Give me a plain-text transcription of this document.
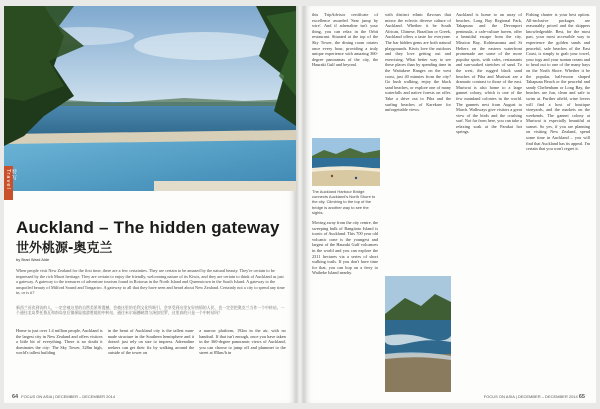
特写 Travel
Auckland – The hidden gateway
世外桃源-奥克兰
by Brad Ward Alde
When people visit New Zealand for the first time, there are a few certainties. They are certain to be amazed by the natural beauty. They're certain to be impressed by the rich Maori heritage. They are certain to enjoy the friendly, welcoming nature of its Kiwis, and they are certain to think of Auckland as just a gateway. A gateway to the treasures of adventure tourism found in Rotorua in the North Island and Queenstown in the South Island. A gateway to the unspoiled beauty of Milford Sound and Tongariro. A gateway to all that they have seen and heard about New Zealand. Certainly not a city to spend any time in, or is it?
新西兰首次到访的人，一定会被这里的自然美景所震撼，会被这里的毛利文化所吸引，会享受到这里友好热情的人民，也一定会把奥克兰当作一个中转站。一个通往北岛罗托鲁瓦和南岛皇后镇探险旅游胜地的中转站，通往米尔福德峡湾与汤加里罗，这里真的只是一个中转站吗？
Home to just over 1.4 million people, Auckland is the largest city in New Zealand and offers visitors a little bit of everything. There is no doubt it dominates the city: The Sky Tower, 328m high, world's tallest building
in the heart of Auckland city is the tallest man-made structure in the Southern hemisphere and it doesn't just rely on size to impress. Adrenaline seekers can get their fix by walking around the outside of the tower on
a narrow platform, 192m in the air, with no handrail. If that isn't enough, once you have taken in the 360-degree panoramic views of Auckland, you can choose to jump off and plummet to the street at 85km/h in
64 FOCUS ON ASIA | DECEMBER – DECEMBER 2014
this TripAdvisor certificate of excellence awarded 'Sear jump by wire'. And if adrenaline isn't your thing, you can relax in the Orbit restaurant. Situated at the top of the Sky Tower, the dining room rotates once every hour, providing a truly unique experience with amazing 360-degree panoramas of the city, the Hauraki Gulf and beyond.
The Auckland Harbour Bridge connects Auckland's North Shore to the city. Climbing to the top of the bridge is another way to see the sights.
Moving away from the city centre, the sweeping bulk of Rangitoto Island is iconic of Auckland. This 700 year old volcanic cone is the youngest and largest of the Hauraki Gulf volcanoes in the world and you can explore the 2311 hectares via a series of short walking trails. If you don't have time for that, you can hop on a ferry to Waiheke Island nearby.
with distinct ethnic flavours that mirror the eclectic diverse culture of Auckland. Whether it be South African, Chinese, Brazilian or Greek, Auckland offers a taste for everyone. The bar hidden gems are both natural playgrounds. Kiwis love the outdoors and they love getting out and exercising. What better way to see these places than by spending time in the Waitakere Ranges on the west coast, just 40 minutes from the city? Go bush walking, enjoy the black sand beaches, or explore one of many waterfalls and native forests on offer. Take a drive out to Piha and the surfing beaches of Karekare for unforgettable views.
Auckland is home to an array of beaches. Long Bay Regional Park, Takapuna and the Devonport peninsula, a cafe-culture haven, offer a beautiful escape from the city. Mission Bay, Kohimarama and St Heliers on the eastern waterfront promenade are some of the more popular spots, with cafes, restaurants and sun-soaked stretches of sand. To the west, the rugged black sand beaches of Piha and Muriwai are a dramatic contrast to those of the east. Muriwai is also home to a large gannet colony, which is one of the few mainland colonies in the world. The gannets nest from August to March. Walkways give visitors a great view of the birds and the crashing surf. Not far from here, you can take a relaxing soak at the Parakai hot springs.
Fishing charter is your best option. All-inclusive packages are reasonably priced and the skippers knowledgeable. Best, for the most part, your most accessible way to experience the golden sands and peaceful, safe beaches of the East Coast, is simply to grab your towel, your togs and your suntan cream and to head out to one of the many bays on the North Shore. Whether it be the popular, half-moon shaped Takapuna Beach or the peaceful and sandy Cheltenham or Long Bay, the beaches are fun, clean and safe to swim at. Further afield, wine lovers will find a host of boutique vineyards, and the markets on the weekends. The gannet colony at Muriwai is especially beautiful at sunset. So yes, if you are planning on visiting New Zealand, spend some time in Auckland – you will find that Auckland has its appeal. I'm certain that you won't regret it.
FOCUS ON ASIA | DECEMBER – DECEMBER 2014 65
